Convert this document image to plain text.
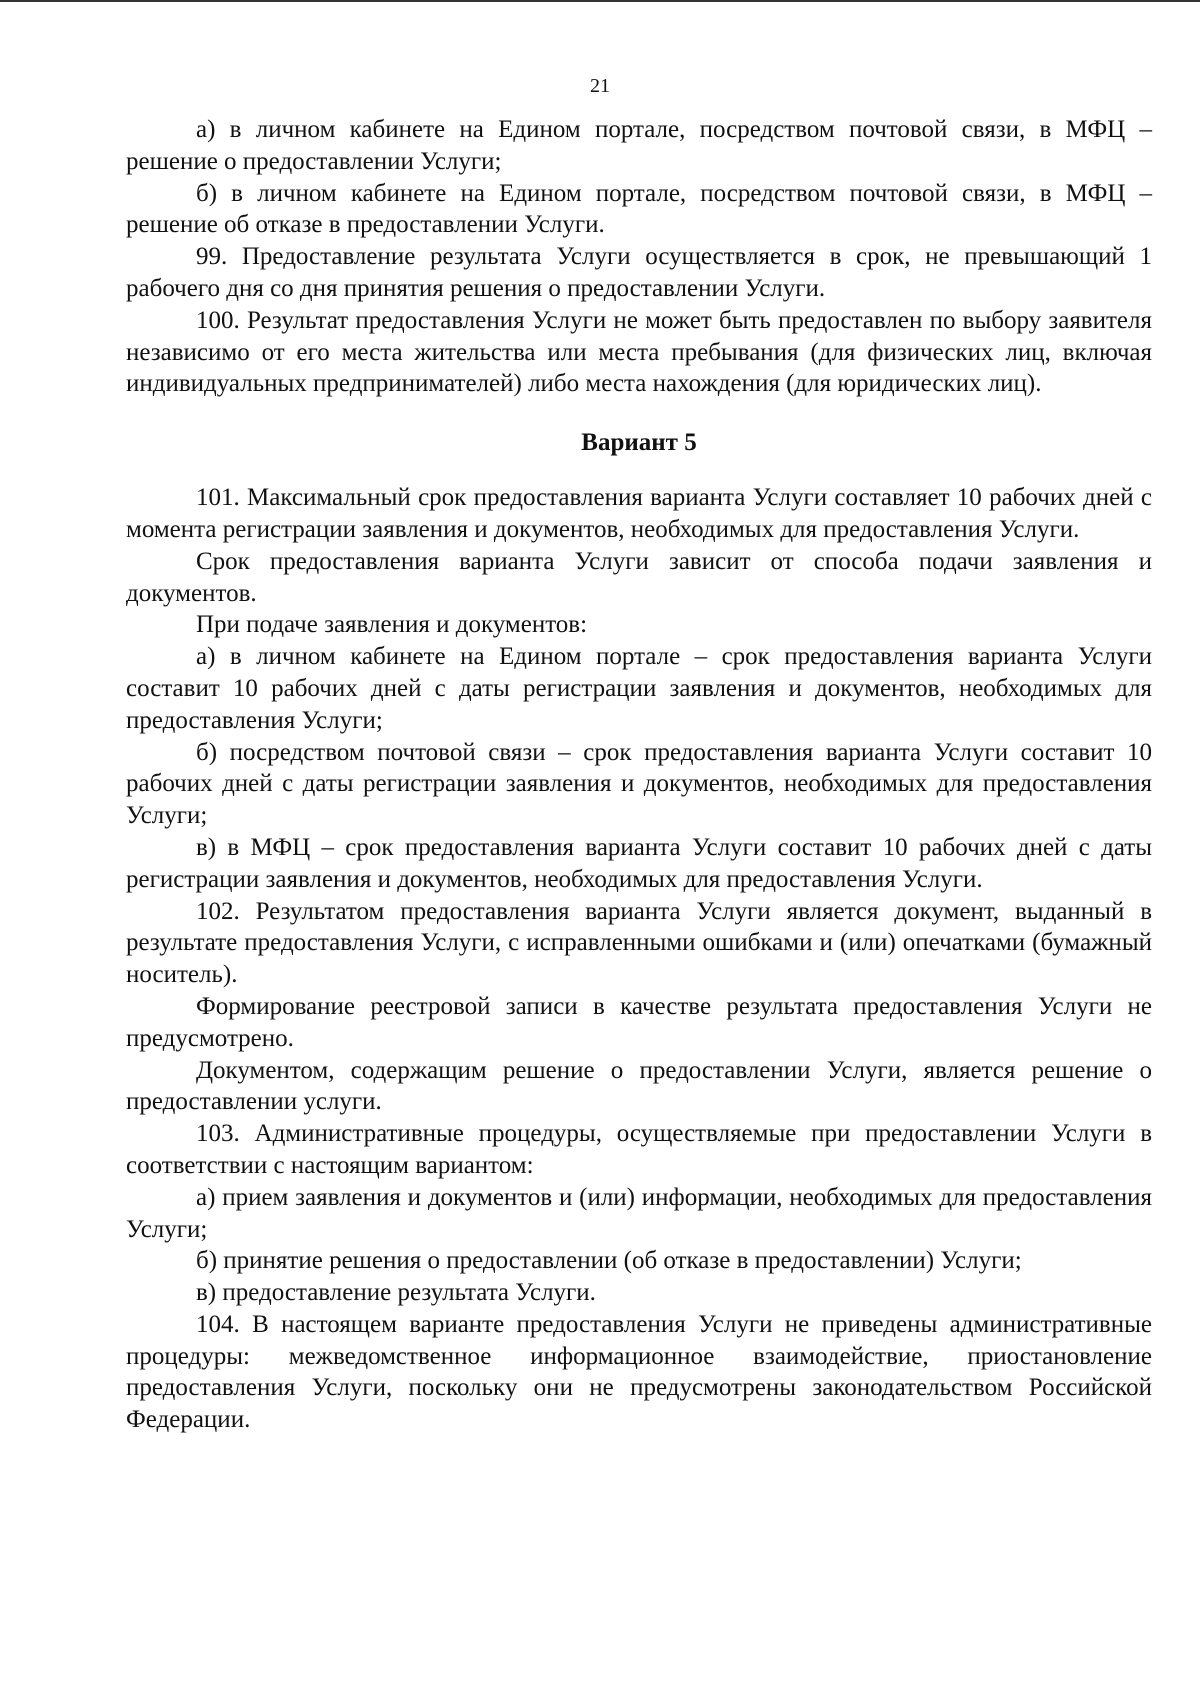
21

а) в личном кабинете на Едином портале, посредством почтовой связи, в МФЦ – решение о предоставлении Услуги;

б) в личном кабинете на Едином портале, посредством почтовой связи, в МФЦ – решение об отказе в предоставлении Услуги.

99. Предоставление результата Услуги осуществляется в срок, не превышающий 1 рабочего дня со дня принятия решения о предоставлении Услуги.

100. Результат предоставления Услуги не может быть предоставлен по выбору заявителя независимо от его места жительства или места пребывания (для физических лиц, включая индивидуальных предпринимателей) либо места нахождения (для юридических лиц).

Вариант 5

101. Максимальный срок предоставления варианта Услуги составляет 10 рабочих дней с момента регистрации заявления и документов, необходимых для предоставления Услуги.

Срок предоставления варианта Услуги зависит от способа подачи заявления и документов.

При подаче заявления и документов:

а) в личном кабинете на Едином портале – срок предоставления варианта Услуги составит 10 рабочих дней с даты регистрации заявления и документов, необходимых для предоставления Услуги;

б) посредством почтовой связи – срок предоставления варианта Услуги составит 10 рабочих дней с даты регистрации заявления и документов, необходимых для предоставления Услуги;

в) в МФЦ – срок предоставления варианта Услуги составит 10 рабочих дней с даты регистрации заявления и документов, необходимых для предоставления Услуги.

102. Результатом предоставления варианта Услуги является документ, выданный в результате предоставления Услуги, с исправленными ошибками и (или) опечатками (бумажный носитель).

Формирование реестровой записи в качестве результата предоставления Услуги не предусмотрено.

Документом, содержащим решение о предоставлении Услуги, является решение о предоставлении услуги.

103. Административные процедуры, осуществляемые при предоставлении Услуги в соответствии с настоящим вариантом:

а) прием заявления и документов и (или) информации, необходимых для предоставления Услуги;

б) принятие решения о предоставлении (об отказе в предоставлении) Услуги;

в) предоставление результата Услуги.

104. В настоящем варианте предоставления Услуги не приведены административные процедуры: межведомственное информационное взаимодействие, приостановление предоставления Услуги, поскольку они не предусмотрены законодательством Российской Федерации.
